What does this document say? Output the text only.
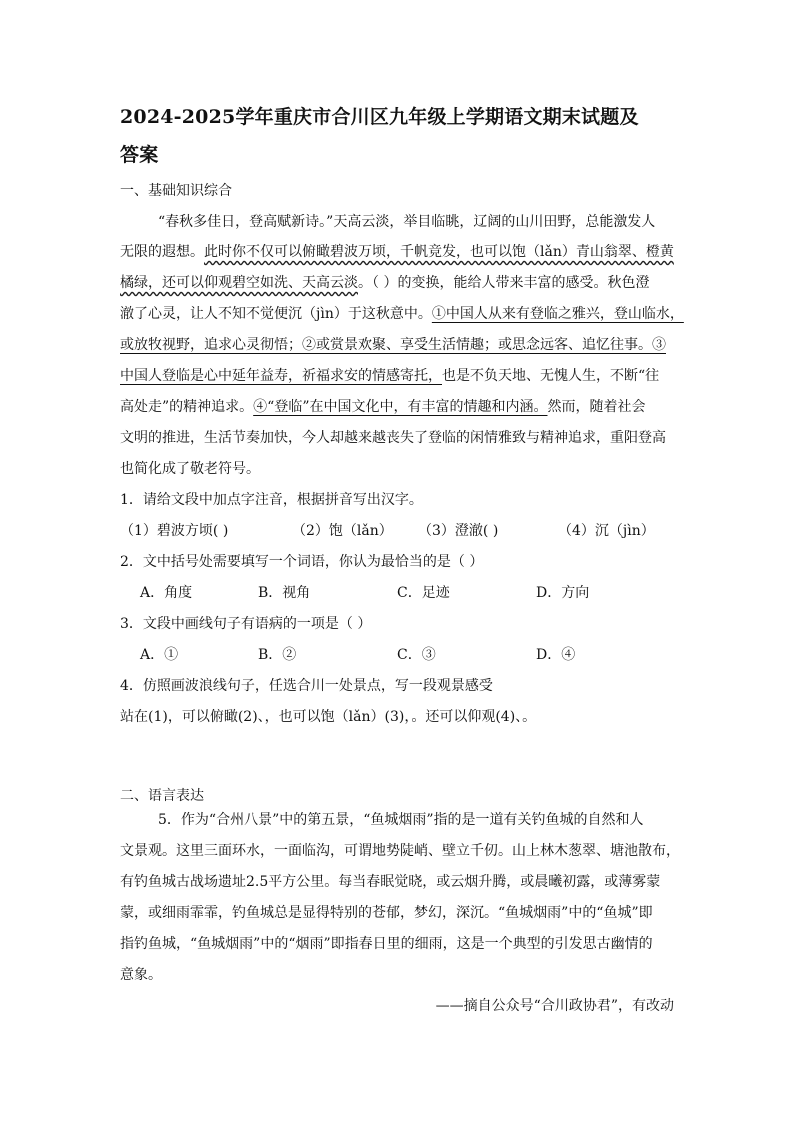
2024-2025学年重庆市合川区九年级上学期语文期末试题及
答案
一、基础知识综合
“春秋多佳日，登高赋新诗。”天高云淡，举目临眺，辽阔的山川田野，总能激发人
无限的遐想。此时你不仅可以俯瞰碧波万顷，千帆竞发，也可以饱（lǎn）青山翁翠、橙黄
橘绿，还可以仰观碧空如洗、天高云淡。（ ）的变换，能给人带来丰富的感受。秋色澄
澈了心灵，让人不知不觉便沉（jìn）于这秋意中。①中国人从来有登临之雅兴，登山临水，
或放牧视野，追求心灵彻悟；②或赏景欢聚、享受生活情趣；或思念远客、追忆往事。③
中国人登临是心中延年益寿，祈福求安的情感寄托，也是不负天地、无愧人生，不断“往
高处走”的精神追求。④“登临”在中国文化中，有丰富的情趣和内涵。然而，随着社会
文明的推进，生活节奏加快，今人却越来越丧失了登临的闲情雅致与精神追求，重阳登高
也简化成了敬老符号。
1．请给文段中加点字注音，根据拼音写出汉字。
（1）碧波方顷( )	（2）饱（lǎn） （3）澄澈( )	（4）沉（jìn）
2．文中括号处需要填写一个词语，你认为最恰当的是（ ）
A．角度	B．视角	C．足迹	D．方向
3．文段中画线句子有语病的一项是（ ）
A．①	B．②	C．③	D．④
4．仿照画波浪线句子，任选合川一处景点，写一段观景感受
站在(1)，可以俯瞰(2)、，也可以饱（lǎn）(3)，。还可以仰观(4)、。
二、语言表达
5．作为“合州八景”中的第五景，“鱼城烟雨”指的是一道有关钓鱼城的自然和人
文景观。这里三面环水，一面临沟，可谓地势陡峭、壁立千仞。山上林木葱翠、塘池散布，
有钓鱼城古战场遗址2.5平方公里。每当春眠觉晓，或云烟升腾，或晨曦初露，或薄雾蒙
蒙，或细雨霏霏，钓鱼城总是显得特别的苍郁，梦幻，深沉。“鱼城烟雨”中的“鱼城”即
指钓鱼城，“鱼城烟雨”中的“烟雨”即指春日里的细雨，这是一个典型的引发思古幽情的
意象。
——摘自公众号“合川政协君”，有改动
